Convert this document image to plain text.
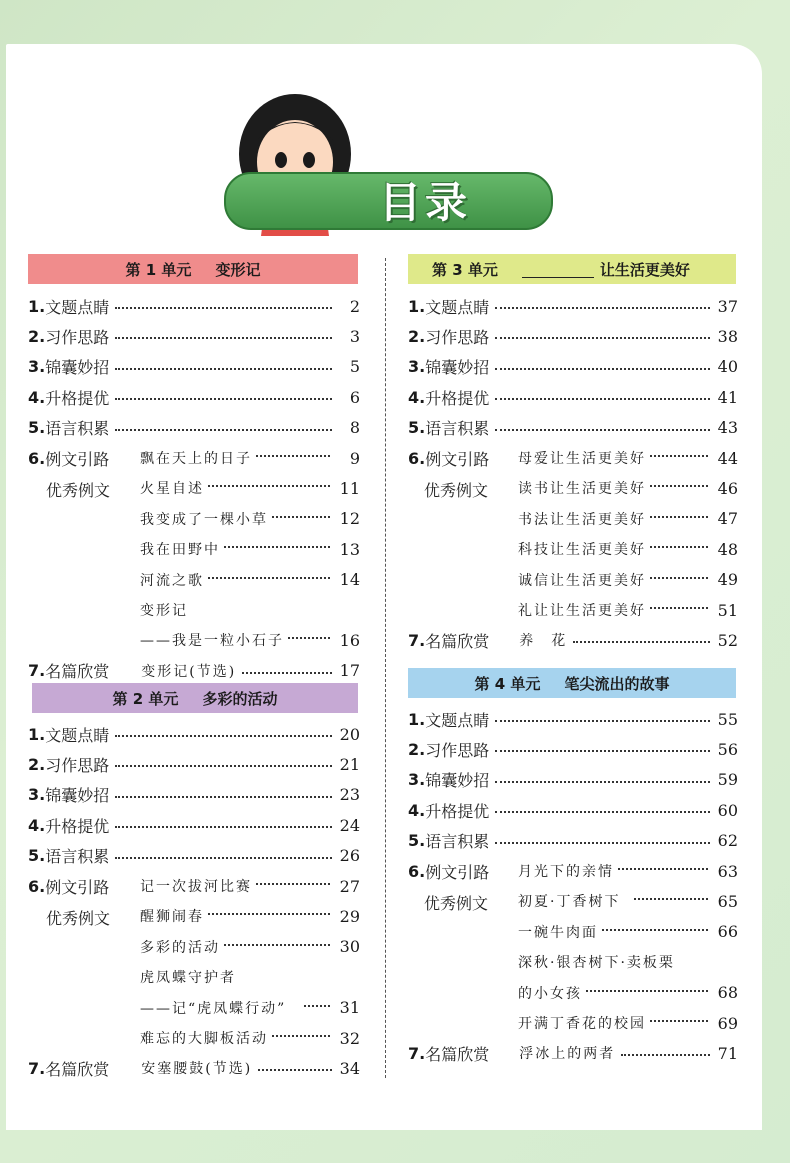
目录
第 1 单元 变形记
1. 文题点睛	2
2. 习作思路	3
3. 锦囊妙招	5
4. 升格提优	6
5. 语言积累	8
6. 例文引路 飘在天上的日子	9
火星自述	11
优秀例文
我变成了一棵小草	12
我在田野中	13
河流之歌	14
变形记
——我是一粒小石子	16
7. 名篇欣赏 变形记(节选)	17
第 2 单元 多彩的活动
1. 文题点睛	20
2. 习作思路	21
3. 锦囊妙招	23
4. 升格提优	24
5. 语言积累	26
6. 例文引路 记一次拔河比赛	27
醒狮闹春	29
优秀例文
多彩的活动	30
虎凤蝶守护者
——记“虎凤蝶行动”	31
难忘的大脚板活动	32
7. 名篇欣赏 安塞腰鼓(节选)	34
第 3 单元	让生活更美好
1. 文题点睛	37
2. 习作思路	38
3. 锦囊妙招	40
4. 升格提优	41
5. 语言积累	43
6. 例文引路 母爱让生活更美好	44
读书让生活更美好	46
优秀例文
书法让生活更美好	47
科技让生活更美好	48
诚信让生活更美好	49
礼让让生活更美好	51
7. 名篇欣赏 养　花	52
第 4 单元 笔尖流出的故事
1. 文题点睛	55
2. 习作思路	56
3. 锦囊妙招	59
4. 升格提优	60
5. 语言积累	62
6. 例文引路 月光下的亲情	63
初夏·丁香树下	65
优秀例文
一碗牛肉面	66
深秋·银杏树下·卖板栗
的小女孩	68
开满丁香花的校园	69
7. 名篇欣赏 浮冰上的两者	71
